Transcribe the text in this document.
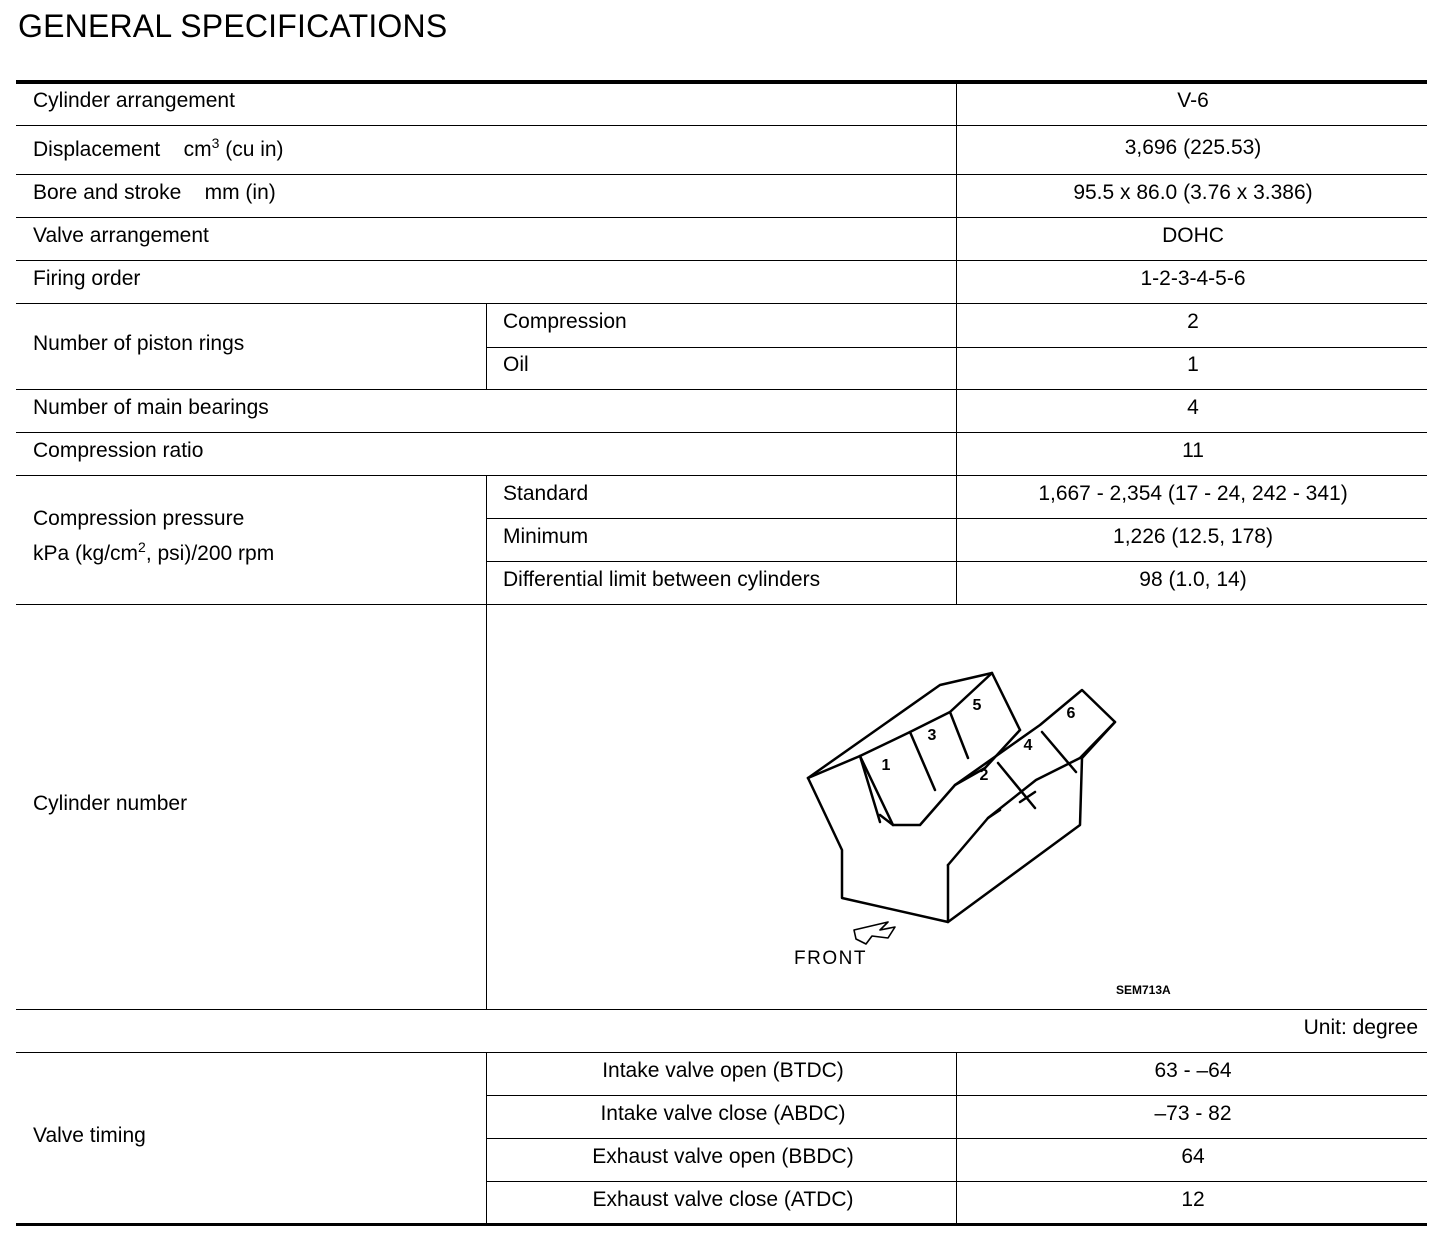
GENERAL SPECIFICATIONS
Cylinder arrangement	V-6
Displacement $cm^3$ (cu in)	3,696 (225.53)
Bore and stroke mm (in)	95.5 x 86.0 (3.76 x 3.386)
Valve arrangement	DOHC
Firing order	1-2-3-4-5-6
Number of piston rings
Compression	2
Oil	1
Number of main bearings	4
Compression ratio	11
Compression pressure
kPa ($kg/cm^2$, psi)/200 rpm
Standard	1,667 - 2,354 (17 - 24, 242 - 341)
Minimum	1,226 (12.5, 178)
Differential limit between cylinders	98 (1.0, 14)
Cylinder number
1
3
5
2
4
6
FRONT
SEM713A
Unit: degree
Valve timing
Intake valve open (BTDC)	63 - –64
Intake valve close (ABDC)	–73 - 82
Exhaust valve open (BBDC)	64
Exhaust valve close (ATDC)	12
